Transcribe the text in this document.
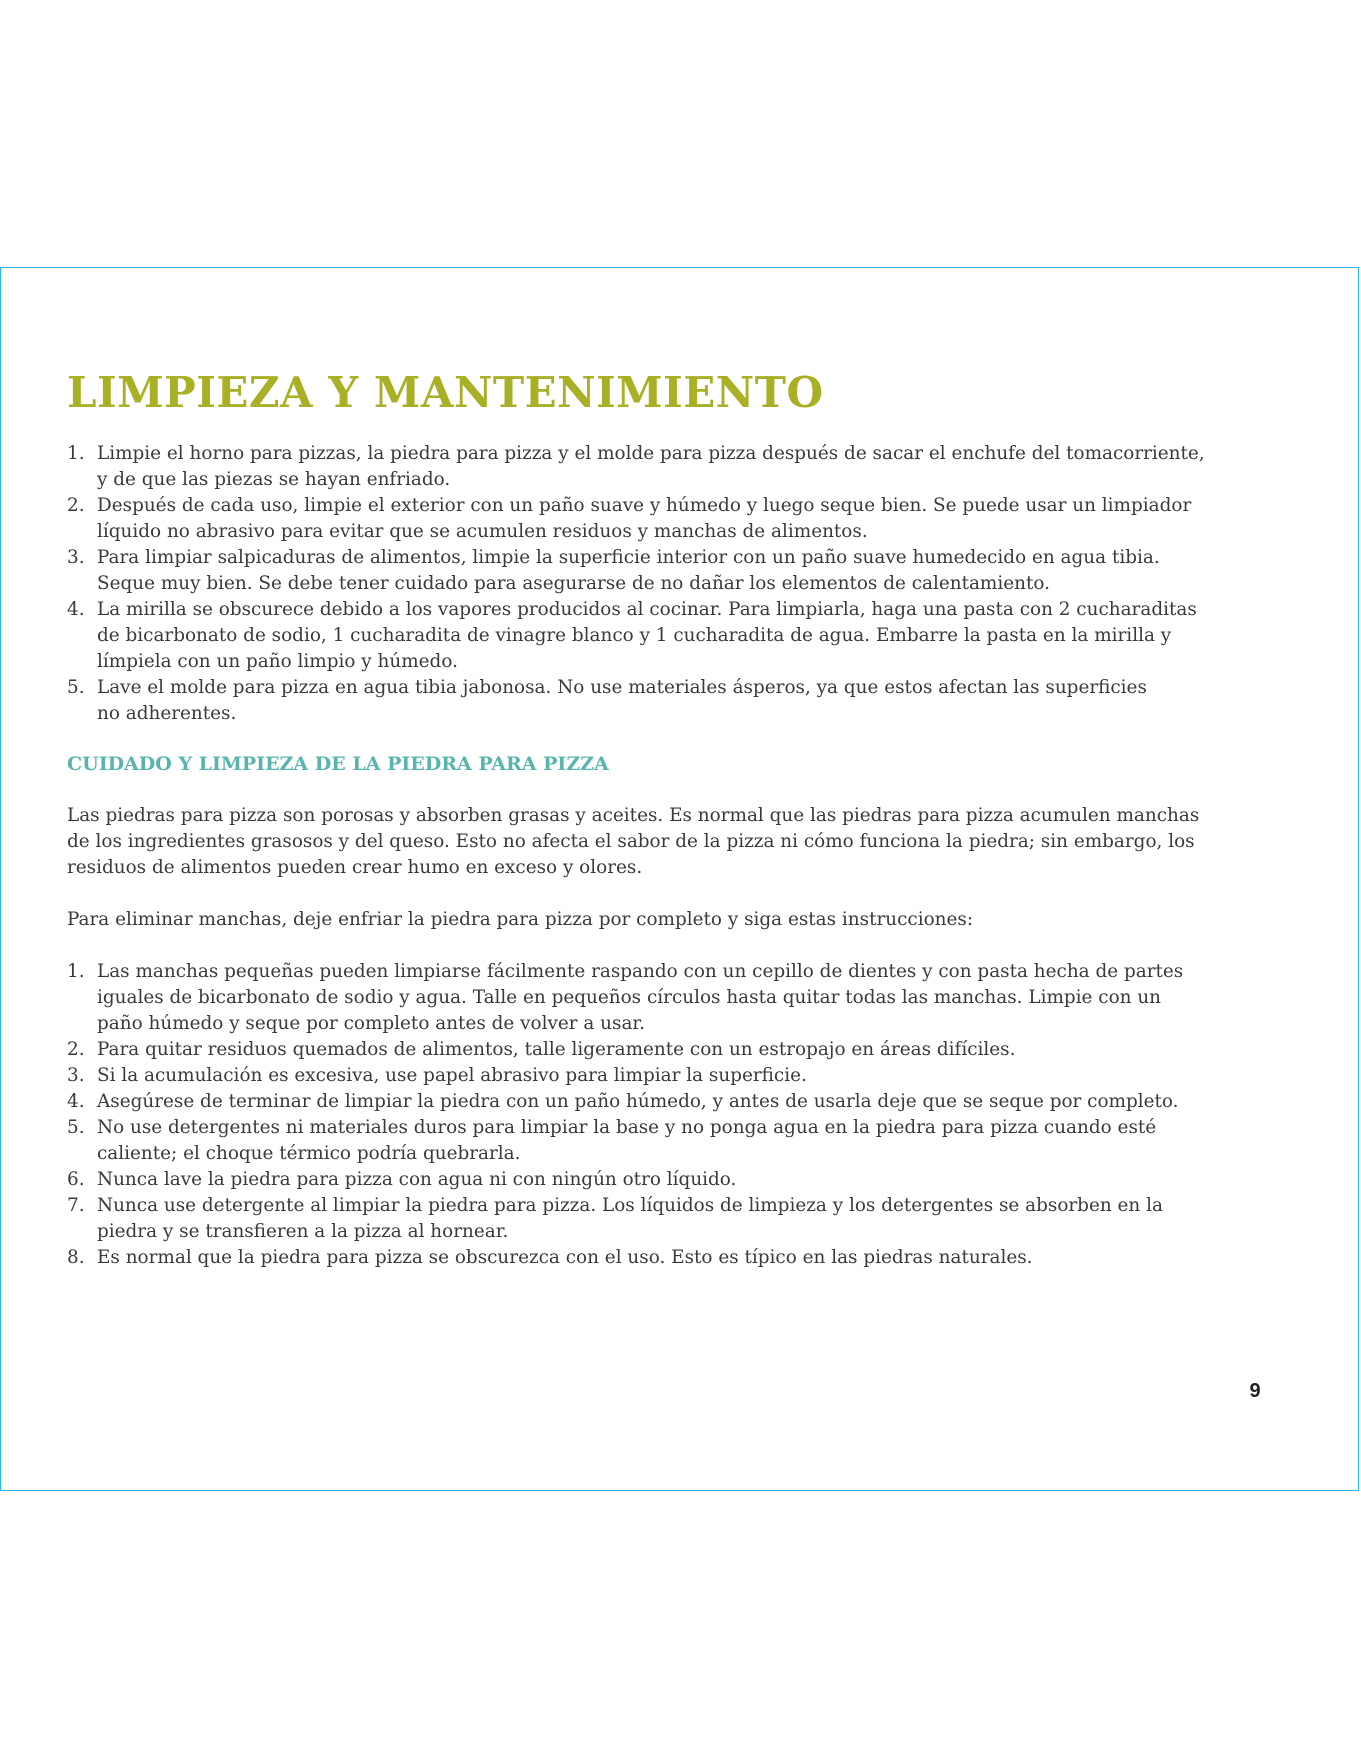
LIMPIEZA Y MANTENIMIENTO
1. Limpie el horno para pizzas, la piedra para pizza y el molde para pizza después de sacar el enchufe del tomacorriente,
y de que las piezas se hayan enfriado.
2. Después de cada uso, limpie el exterior con un paño suave y húmedo y luego seque bien. Se puede usar un limpiador
líquido no abrasivo para evitar que se acumulen residuos y manchas de alimentos.
3. Para limpiar salpicaduras de alimentos, limpie la superficie interior con un paño suave humedecido en agua tibia.
Seque muy bien. Se debe tener cuidado para asegurarse de no dañar los elementos de calentamiento.
4. La mirilla se obscurece debido a los vapores producidos al cocinar. Para limpiarla, haga una pasta con 2 cucharaditas
de bicarbonato de sodio, 1 cucharadita de vinagre blanco y 1 cucharadita de agua. Embarre la pasta en la mirilla y
límpiela con un paño limpio y húmedo.
5. Lave el molde para pizza en agua tibia jabonosa. No use materiales ásperos, ya que estos afectan las superficies
no adherentes.
CUIDADO Y LIMPIEZA DE LA PIEDRA PARA PIZZA
Las piedras para pizza son porosas y absorben grasas y aceites. Es normal que las piedras para pizza acumulen manchas
de los ingredientes grasosos y del queso. Esto no afecta el sabor de la pizza ni cómo funciona la piedra; sin embargo, los
residuos de alimentos pueden crear humo en exceso y olores.

Para eliminar manchas, deje enfriar la piedra para pizza por completo y siga estas instrucciones:

1. Las manchas pequeñas pueden limpiarse fácilmente raspando con un cepillo de dientes y con pasta hecha de partes
iguales de bicarbonato de sodio y agua. Talle en pequeños círculos hasta quitar todas las manchas. Limpie con un
paño húmedo y seque por completo antes de volver a usar.
2. Para quitar residuos quemados de alimentos, talle ligeramente con un estropajo en áreas difíciles.
3. Si la acumulación es excesiva, use papel abrasivo para limpiar la superficie.
4. Asegúrese de terminar de limpiar la piedra con un paño húmedo, y antes de usarla deje que se seque por completo.
5. No use detergentes ni materiales duros para limpiar la base y no ponga agua en la piedra para pizza cuando esté
caliente; el choque térmico podría quebrarla.
6. Nunca lave la piedra para pizza con agua ni con ningún otro líquido.
7. Nunca use detergente al limpiar la piedra para pizza. Los líquidos de limpieza y los detergentes se absorben en la
piedra y se transfieren a la pizza al hornear.
8. Es normal que la piedra para pizza se obscurezca con el uso. Esto es típico en las piedras naturales.
9
